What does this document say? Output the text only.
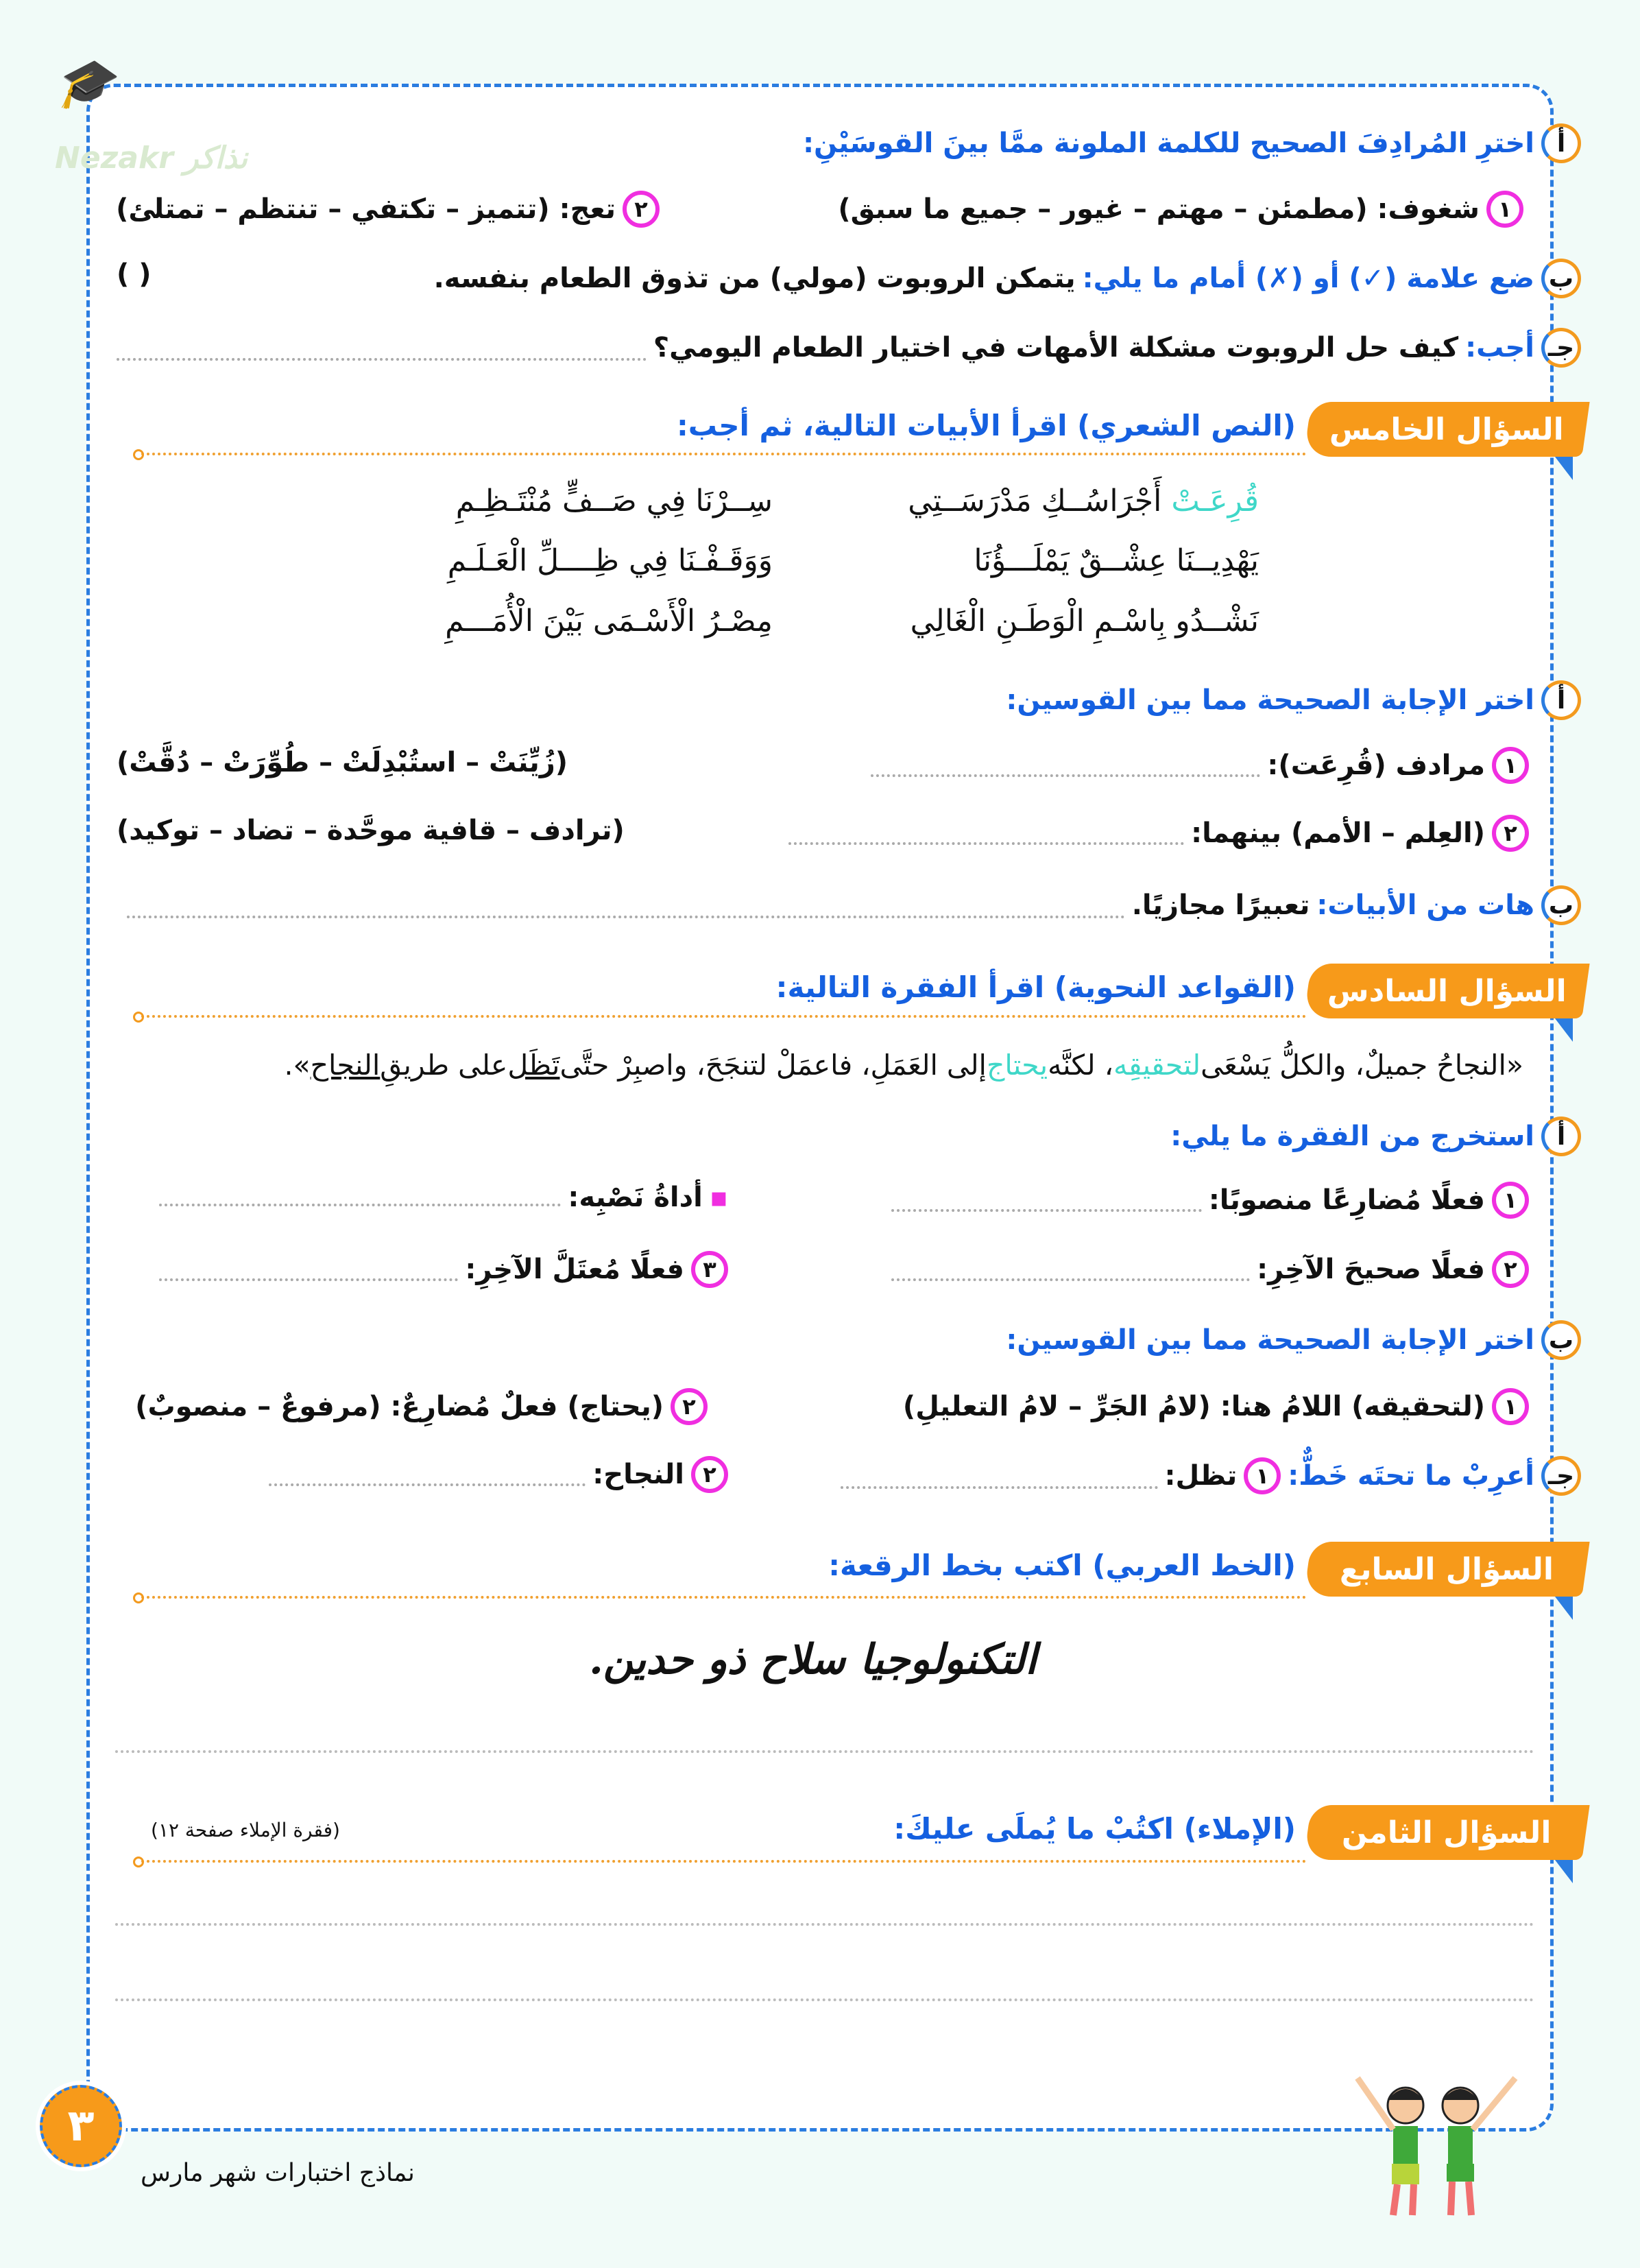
🎓
Nezakr نذاكر	أ
اخترِ المُرادِفَ الصحيح للكلمة الملونة ممَّا بينَ القوسَيْنِ:
١
شغوف: (مطمئن – مهتم – غيور – جميع ما سبق)
٢
تعج: (تتميز – تكتفي – تنتظم – تمتلئ)
ب
ضع علامة (✓) أو (✗) أمام ما يلي:
يتمكن الروبوت (مولي) من تذوق الطعام بنفسه.
( )
جـ
أجب:
كيف حل الروبوت مشكلة الأمهات في اختيار الطعام اليومي؟
السؤال الخامس
(النص الشعري) اقرأ الأبيات التالية، ثم أجب:
قُرِعَـتْ أَجْرَاسُــكِ مَدْرَسَــتِي
سِــرْنَا فِي صَــفٍّ مُنْتَـظِـمِ
يَهْدِيــنَا عِشْــقٌ يَمْلَـــؤُنَا
وَوَقَـفْـنَا فِي ظِــــلِّ الْعَـلَـمِ
نَشْــدُو بِاسْـمِ الْوَطَـنِ الْغَالِي
مِصْـرُ الْأَسْـمَى بَيْنَ الْأُمَـــمِ
أ
اختر الإجابة الصحيحة مما بين القوسين:
١
مرادف (قُرِعَت):
(زُيِّنَتْ – استُبْدِلَتْ – طُوِّرَتْ – دُقَّتْ)
٢
(العِلم – الأمم) بينهما:
(ترادف – قافية موحَّدة – تضاد – توكيد)
ب
هات من الأبيات:
تعبيرًا مجازيًا.
السؤال السادس
(القواعد النحوية) اقرأ الفقرة التالية:
«النجاحُ جميلٌ، والكلُّ يَسْعَى
لتحقيقِه
، لكنَّه
يحتاج
إلى العَمَلِ، فاعمَلْ لتنجَحَ، واصبِرْ حتَّى
تَظَل
على طريقِ
النجاح
».
أ
استخرج من الفقرة ما يلي:
١
فعلًا مُضارِعًا منصوبًا:
▪
أداةُ نَصْبِه:
٢
فعلًا صحيحَ الآخِرِ:
٣
فعلًا مُعتَلَّ الآخِرِ:
ب
اختر الإجابة الصحيحة مما بين القوسين:
١
(لتحقيقه) اللامُ هنا: (لامُ الجَرِّ – لامُ التعليلِ)
٢
(يحتاج) فعلٌ مُضارِعٌ: (مرفوعٌ – منصوبٌ)
جـ
أعرِبْ ما تحتَه خَطٌّ:
١
تظل:
٢
النجاح:
السؤال السابع
(الخط العربي) اكتب بخط الرقعة:
التكنولوجيا سلاح ذو حدين.
السؤال الثامن
(الإملاء) اكتُبْ ما يُملَى عليكَ:
(فقرة الإملاء صفحة ١٢)
٣
نماذج اختبارات شهر مارس
